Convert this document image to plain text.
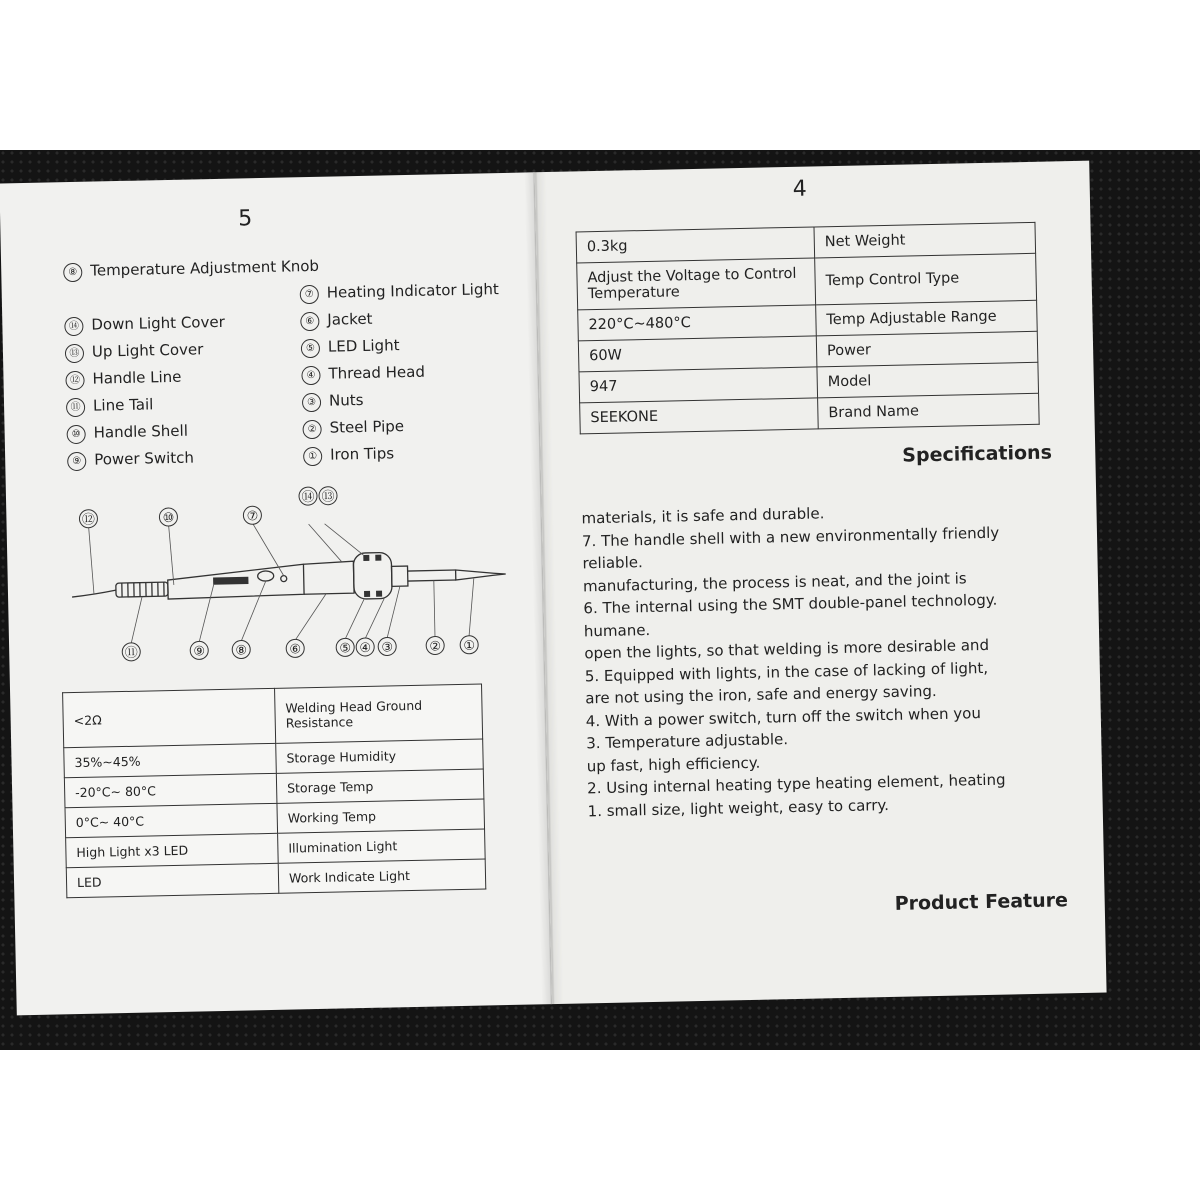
5
⑧ Temperature Adjustment Knob
⑦ Heating Indicator Light
⑭ Down Light Cover	⑥ Jacket
⑬ Up Light Cover	⑤ LED Light
⑫ Handle Line	④ Thread Head
⑪ Line Tail	③ Nuts
⑩ Handle Shell	② Steel Pipe
⑨ Power Switch	① Iron Tips
⑫	⑩	⑦
⑭ ⑬
⑪	⑨ ⑧	⑥	⑤ ④ ③	② ①
<2Ω	Welding Head Ground Resistance
35%~45%	Storage Humidity
-20°C~ 80°C	Storage Temp
0°C~ 40°C	Working Temp
High Light x3 LED	Illumination Light
LED	Work Indicate Light
4
0.3kg	Net Weight
Adjust the Voltage to Control Temperature	Temp Control Type
220°C~480°C	Temp Adjustable Range
60W	Power
947	Model
SEEKONE	Brand Name
Specifications

materials, it is safe and durable.

7. The handle shell with a new environmentally friendly

reliable.

manufacturing, the process is neat, and the joint is

6. The internal using the SMT double-panel technology.

humane.

open the lights, so that welding is more desirable and

5. Equipped with lights, in the case of lacking of light,

are not using the iron, safe and energy saving.

4. With a power switch, turn off the switch when you

3. Temperature adjustable.

up fast, high efficiency.

2. Using internal heating type heating element, heating

1. small size, light weight, easy to carry.

Product Feature
